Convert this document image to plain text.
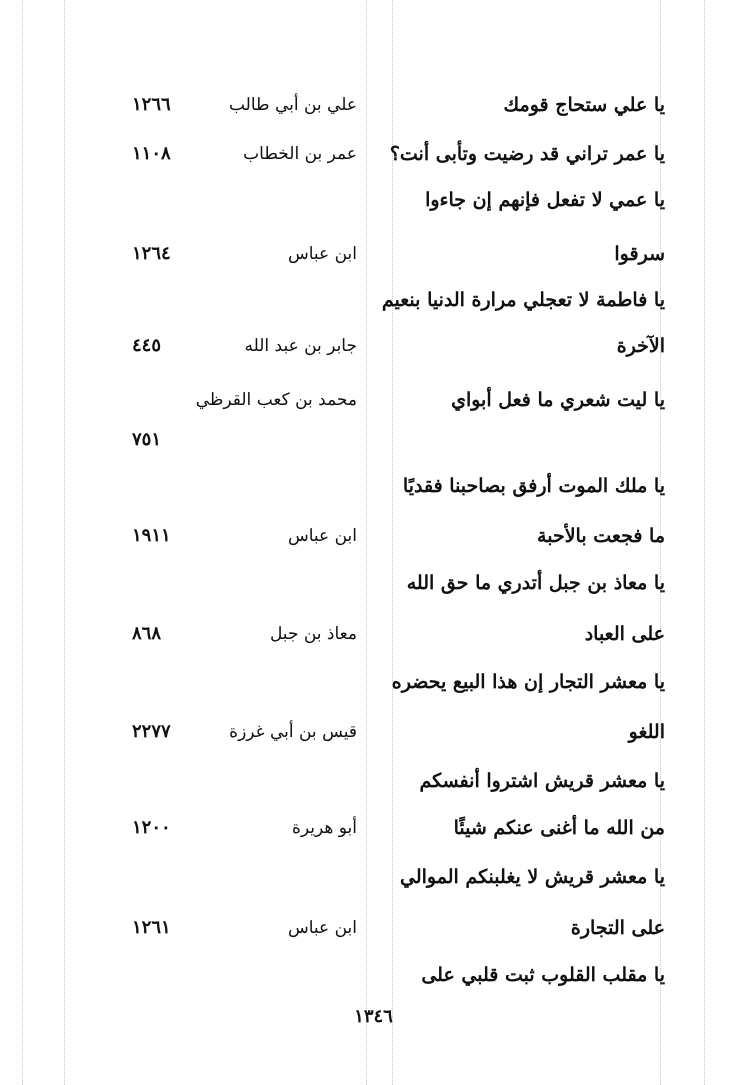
يا علي ستحاج قومك
علي بن أبي طالب
١٢٦٦
يا عمر تراني قد رضيت وتأبى أنت؟
عمر بن الخطاب
١١٠٨
يا عمي لا تفعل فإنهم إن جاءوا
سرقوا
ابن عباس
١٢٦٤
يا فاطمة لا تعجلي مرارة الدنيا بنعيم
الآخرة
جابر بن عبد الله
٤٤٥
يا ليت شعري ما فعل أبواي
محمد بن كعب القرظي
٧٥١
يا ملك الموت أرفق بصاحبنا فقديًا
ما فجعت بالأحبة
ابن عباس
١٩١١
يا معاذ بن جبل أتدري ما حق الله
على العباد
معاذ بن جبل
٨٦٨
يا معشر التجار إن هذا البيع يحضره
اللغو
قيس بن أبي غرزة
٢٢٧٧
يا معشر قريش اشتروا أنفسكم
من الله ما أغنى عنكم شيئًا
أبو هريرة
١٢٠٠
يا معشر قريش لا يغلبنكم الموالي
على التجارة
ابن عباس
١٢٦١
يا مقلب القلوب ثبت قلبي على
١٣٤٦
